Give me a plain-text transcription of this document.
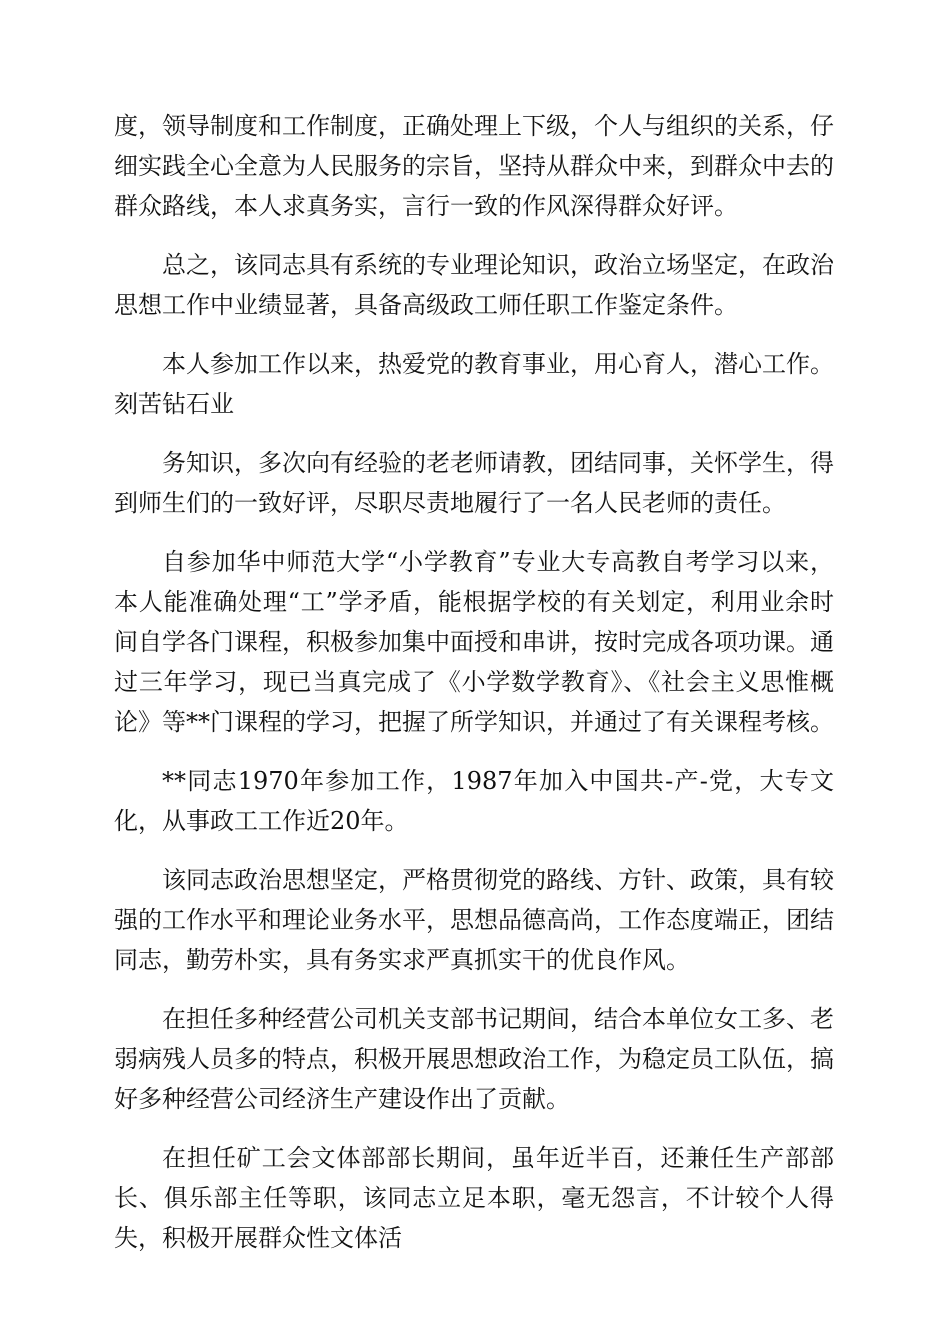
度，领导制度和工作制度，正确处理上下级，个人与组织的关系，仔细实践全心全意为人民服务的宗旨，坚持从群众中来，到群众中去的群众路线，本人求真务实，言行一致的作风深得群众好评。

总之，该同志具有系统的专业理论知识，政治立场坚定，在政治思想工作中业绩显著，具备高级政工师任职工作鉴定条件。

本人参加工作以来，热爱党的教育事业，用心育人，潜心工作。刻苦钻石业

务知识，多次向有经验的老老师请教，团结同事，关怀学生，得到师生们的一致好评，尽职尽责地履行了一名人民老师的责任。

自参加华中师范大学“小学教育”专业大专高教自考学习以来，本人能准确处理“工”学矛盾，能根据学校的有关划定，利用业余时间自学各门课程，积极参加集中面授和串讲，按时完成各项功课。通过三年学习，现已当真完成了《小学数学教育》、《社会主义思惟概论》等**门课程的学习，把握了所学知识，并通过了有关课程考核。

**同志1970年参加工作，1987年加入中国共-产-党，大专文化，从事政工工作近20年。

该同志政治思想坚定，严格贯彻党的路线、方针、政策，具有较强的工作水平和理论业务水平，思想品德高尚，工作态度端正，团结同志，勤劳朴实，具有务实求严真抓实干的优良作风。

在担任多种经营公司机关支部书记期间，结合本单位女工多、老弱病残人员多的特点，积极开展思想政治工作，为稳定员工队伍，搞好多种经营公司经济生产建设作出了贡献。

在担任矿工会文体部部长期间，虽年近半百，还兼任生产部部长、俱乐部主任等职，该同志立足本职，毫无怨言，不计较个人得失，积极开展群众性文体活
